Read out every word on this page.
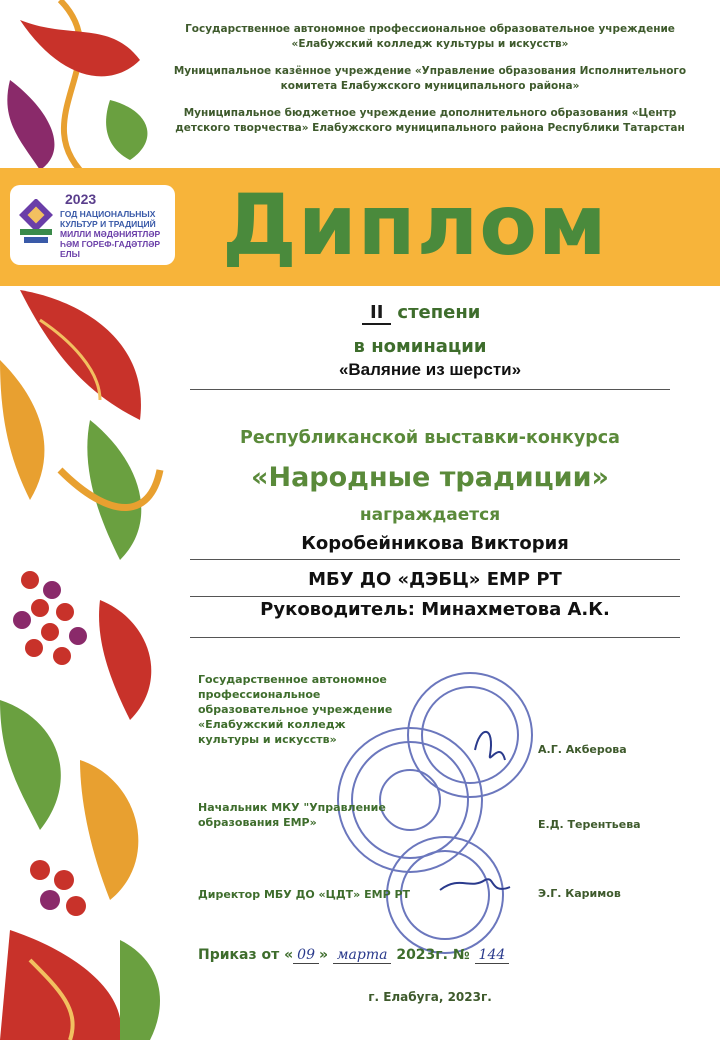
Государственное автономное профессиональное образовательное учреждение «Елабужский колледж культуры и искусств»
Муниципальное казённое учреждение «Управление образования Исполнительного комитета Елабужского муниципального района»
Муниципальное бюджетное учреждение дополнительного образования «Центр детского творчества» Елабужского муниципального района Республики Татарстан
2023
ГОД НАЦИОНАЛЬНЫХ
КУЛЬТУР И ТРАДИЦИЙ
МИЛЛИ МӘДӘНИЯТЛӘР
ҺӘМ ГОРЕФ-ГАДӘТЛӘР ЕЛЫ	Диплом
II степени
в номинации
«Валяние из шерсти»
Республиканской выставки-конкурса
«Народные традиции»
награждается
Коробейникова Виктория
МБУ ДО «ДЭБЦ» ЕМР РТ
Руководитель: Минахметова А.К.
Государственное автономное профессиональное образовательное учреждение «Елабужский колледж культуры и искусств»
А.Г. Акберова
Начальник МКУ "Управление образования ЕМР»	Е.Д. Терентьева
Директор МБУ ДО «ЦДТ» ЕМР РТ	Э.Г. Каримов
Приказ от « 09 » марта 2023г. № 144
г. Елабуга, 2023г.
